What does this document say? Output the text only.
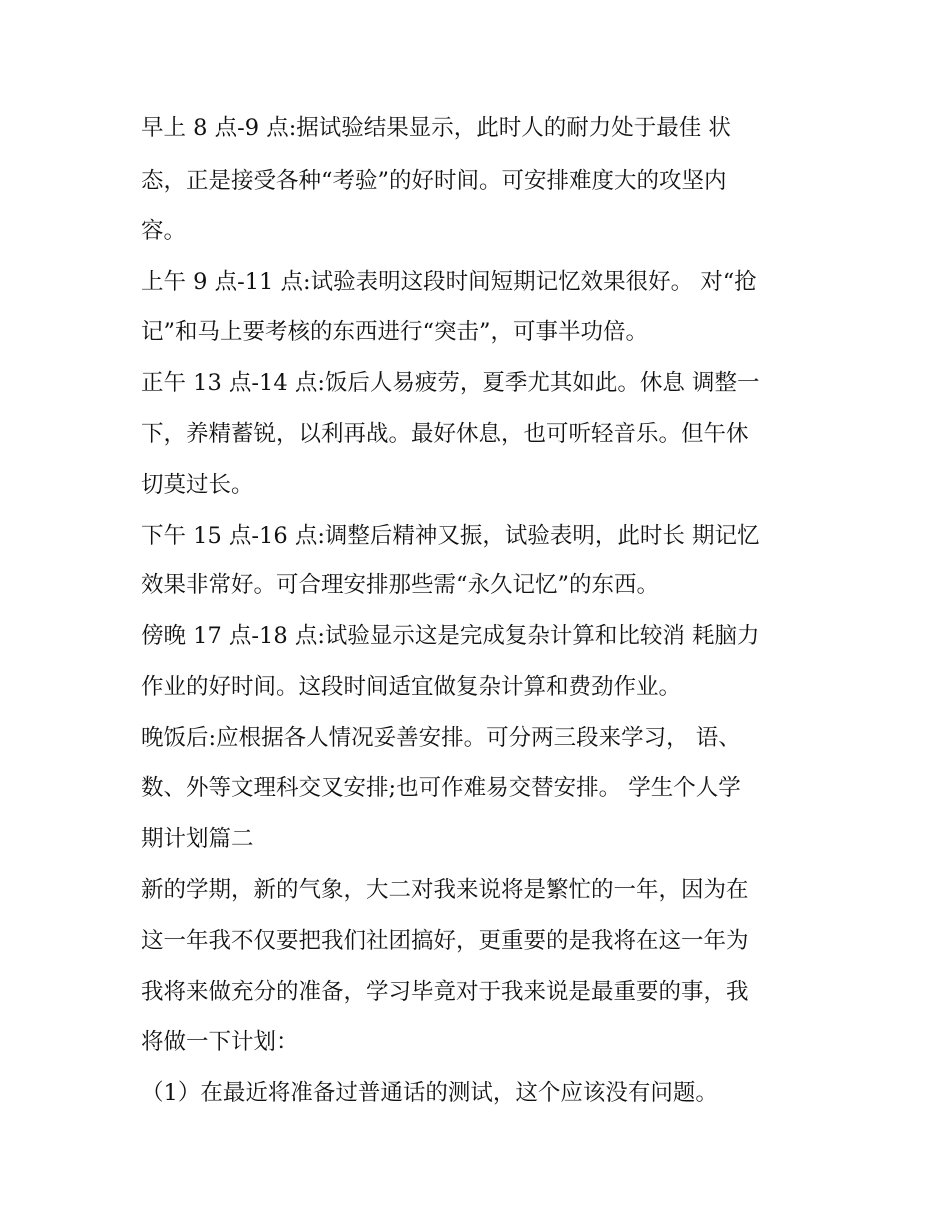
早上 8 点-9 点:据试验结果显示，此时人的耐力处于最佳 状
态，正是接受各种“考验”的好时间。可安排难度大的攻坚内
容。
上午 9 点-11 点:试验表明这段时间短期记忆效果很好。 对“抢
记”和马上要考核的东西进行“突击”，可事半功倍。
正午 13 点-14 点:饭后人易疲劳，夏季尤其如此。休息 调整一
下，养精蓄锐，以利再战。最好休息，也可听轻音乐。但午休
切莫过长。
下午 15 点-16 点:调整后精神又振，试验表明，此时长 期记忆
效果非常好。可合理安排那些需“永久记忆”的东西。
傍晚 17 点-18 点:试验显示这是完成复杂计算和比较消 耗脑力
作业的好时间。这段时间适宜做复杂计算和费劲作业。
晚饭后:应根据各人情况妥善安排。可分两三段来学习， 语、
数、外等文理科交叉安排;也可作难易交替安排。 学生个人学
期计划篇二
新的学期，新的气象，大二对我来说将是繁忙的一年，因为在
这一年我不仅要把我们社团搞好，更重要的是我将在这一年为
我将来做充分的准备，学习毕竟对于我来说是最重要的事，我
将做一下计划：
（1）在最近将准备过普通话的测试，这个应该没有问题。
